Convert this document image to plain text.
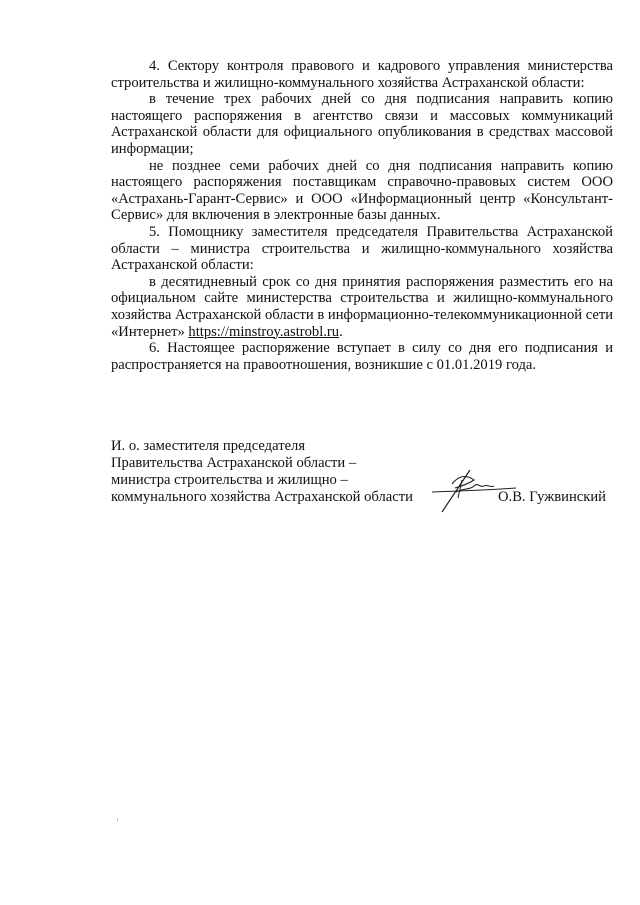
4. Сектору контроля правового и кадрового управления министерства строительства и жилищно-коммунального хозяйства Астраханской области:

в течение трех рабочих дней со дня подписания направить копию настоящего распоряжения в агентство связи и массовых коммуникаций Астраханской области для официального опубликования в средствах массовой информации;

не позднее семи рабочих дней со дня подписания направить копию настоящего распоряжения поставщикам справочно-правовых систем ООО «Астрахань-Гарант-Сервис» и ООО «Информационный центр «Консультант- Сервис» для включения в электронные базы данных.

5. Помощнику заместителя председателя Правительства Астраханской области – министра строительства и жилищно-коммунального хозяйства Астраханской области:

в десятидневный срок со дня принятия распоряжения разместить его на официальном сайте министерства строительства и жилищно-коммунального хозяйства Астраханской области в информационно-телекоммуникационной сети «Интернет» https://minstroy.astrobl.ru.

6. Настоящее распоряжение вступает в силу со дня его подписания и распространяется на правоотношения, возникшие с 01.01.2019 года.

И. о. заместителя председателя
Правительства Астраханской области –
министра строительства и жилищно –
коммунального хозяйства Астраханской области	О.В. Гужвинский
